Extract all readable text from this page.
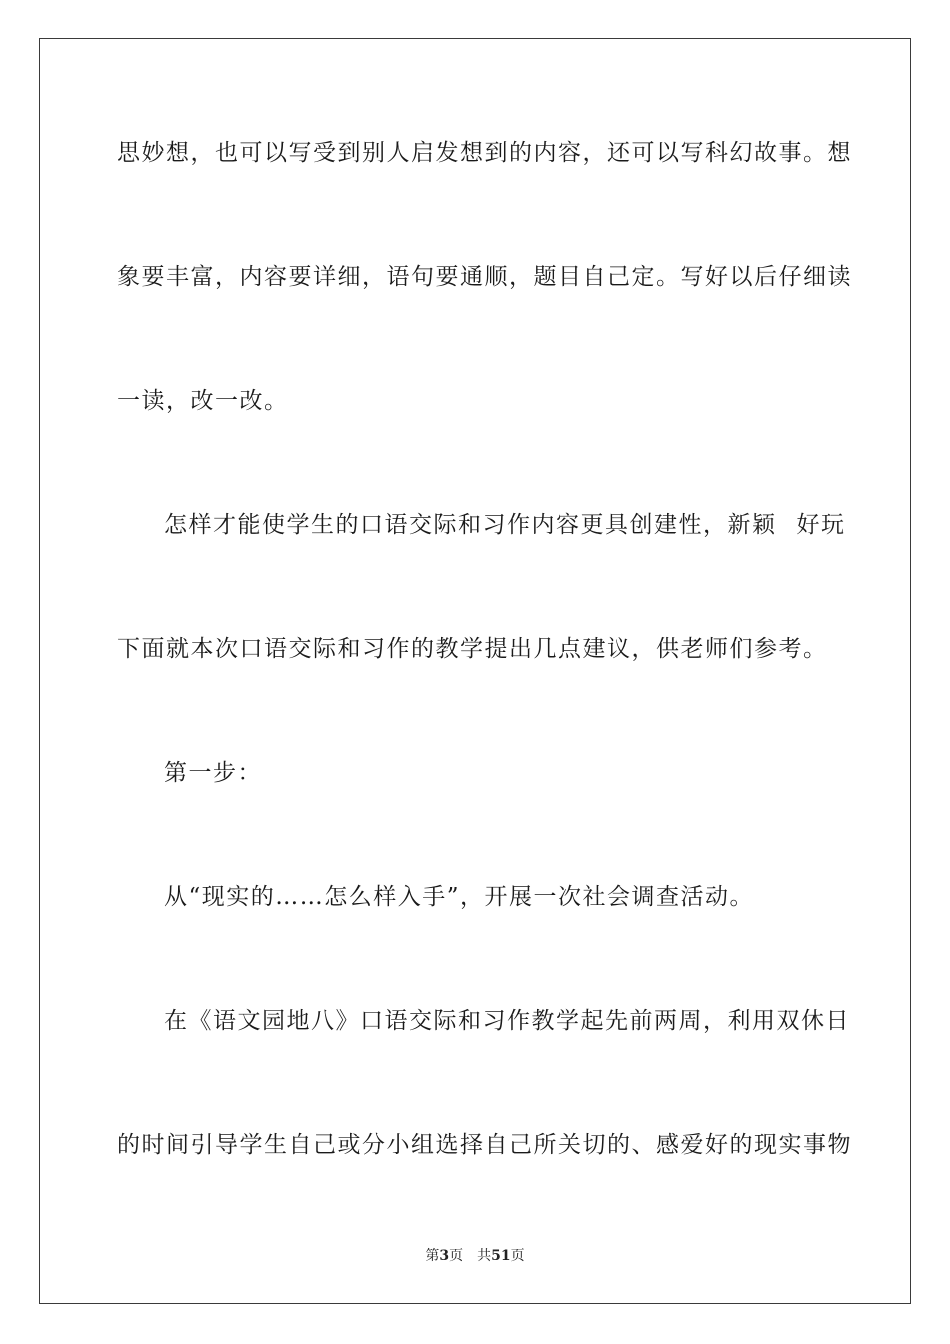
思妙想，也可以写受到别人启发想到的内容，还可以写科幻故事。想
象要丰富，内容要详细，语句要通顺，题目自己定。写好以后仔细读
一读，改一改。
怎样才能使学生的口语交际和习作内容更具创建性，新颖 好玩
下面就本次口语交际和习作的教学提出几点建议，供老师们参考。
第一步：
从“现实的……怎么样入手”，开展一次社会调查活动。
在《语文园地八》口语交际和习作教学起先前两周，利用双休日
的时间引导学生自己或分小组选择自己所关切的、感爱好的现实事物
第3页 共51页
